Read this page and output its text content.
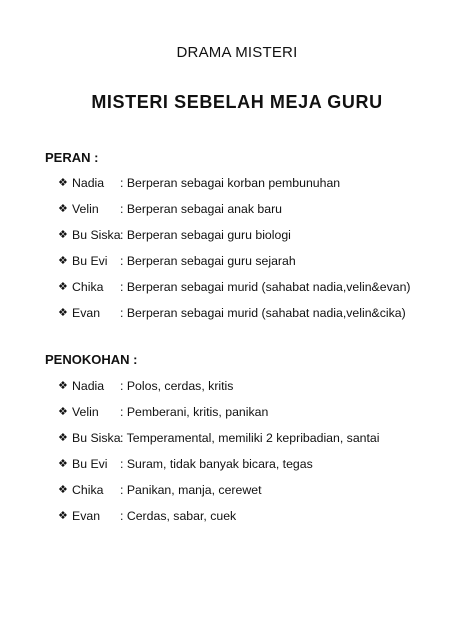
DRAMA MISTERI
MISTERI SEBELAH MEJA GURU
PERAN :
❖ Nadia : Berperan sebagai korban pembunuhan
❖ Velin : Berperan sebagai anak baru
❖ Bu Siska : Berperan sebagai guru biologi
❖ Bu Evi : Berperan sebagai guru sejarah
❖ Chika : Berperan sebagai murid (sahabat nadia,velin&evan)
❖ Evan : Berperan sebagai murid (sahabat nadia,velin&cika)
PENOKOHAN :
❖ Nadia : Polos, cerdas, kritis
❖ Velin : Pemberani, kritis, panikan
❖ Bu Siska : Temperamental, memiliki 2 kepribadian, santai
❖ Bu Evi : Suram, tidak banyak bicara, tegas
❖ Chika : Panikan, manja, cerewet
❖ Evan : Cerdas, sabar, cuek
